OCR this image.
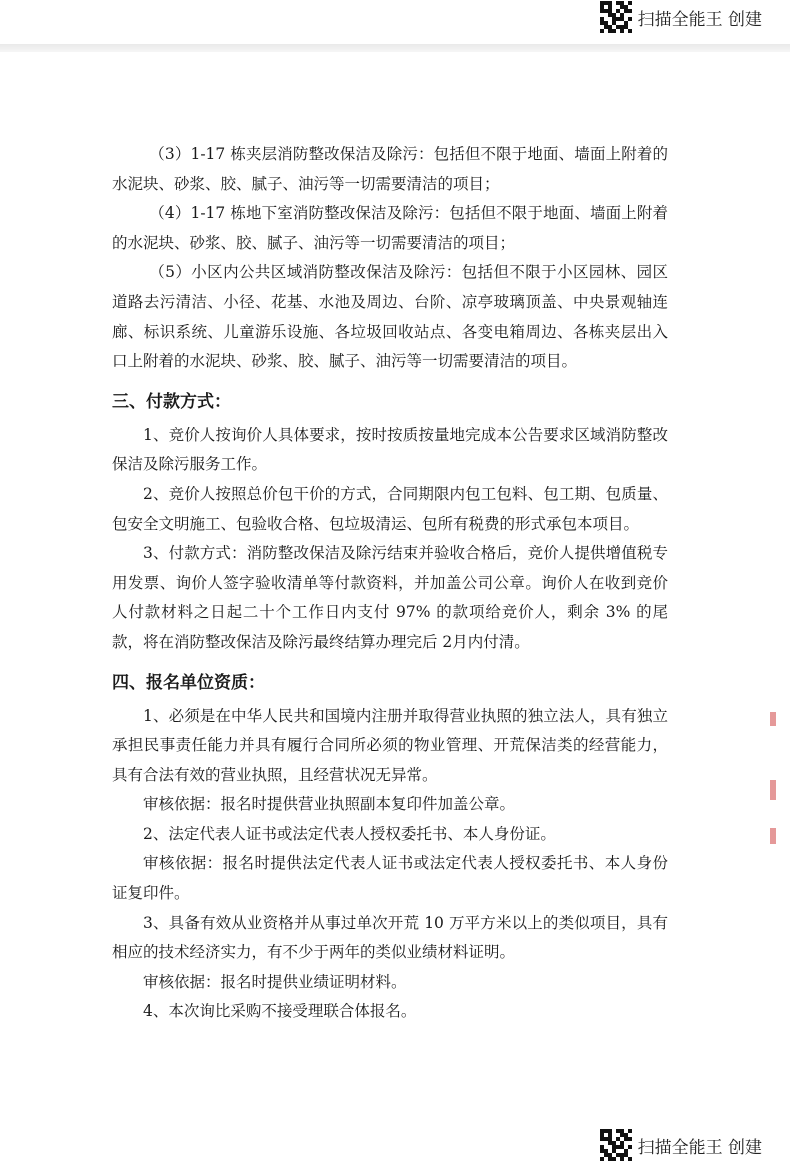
扫描全能王 创建

（3）1-17 栋夹层消防整改保洁及除污：包括但不限于地面、墙面上附着的水泥块、砂浆、胶、腻子、油污等一切需要清洁的项目；

（4）1-17 栋地下室消防整改保洁及除污：包括但不限于地面、墙面上附着的水泥块、砂浆、胶、腻子、油污等一切需要清洁的项目；

（5）小区内公共区域消防整改保洁及除污：包括但不限于小区园林、园区道路去污清洁、小径、花基、水池及周边、台阶、凉亭玻璃顶盖、中央景观轴连廊、标识系统、儿童游乐设施、各垃圾回收站点、各变电箱周边、各栋夹层出入口上附着的水泥块、砂浆、胶、腻子、油污等一切需要清洁的项目。

三、付款方式：

1、竞价人按询价人具体要求，按时按质按量地完成本公告要求区域消防整改保洁及除污服务工作。

2、竞价人按照总价包干价的方式，合同期限内包工包料、包工期、包质量、包安全文明施工、包验收合格、包垃圾清运、包所有税费的形式承包本项目。

3、付款方式：消防整改保洁及除污结束并验收合格后，竞价人提供增值税专用发票、询价人签字验收清单等付款资料，并加盖公司公章。询价人在收到竞价人付款材料之日起二十个工作日内支付 97% 的款项给竞价人，剩余 3% 的尾款，将在消防整改保洁及除污最终结算办理完后 2月内付清。

四、报名单位资质：

1、必须是在中华人民共和国境内注册并取得营业执照的独立法人，具有独立承担民事责任能力并具有履行合同所必须的物业管理、开荒保洁类的经营能力，具有合法有效的营业执照，且经营状况无异常。

审核依据：报名时提供营业执照副本复印件加盖公章。

2、法定代表人证书或法定代表人授权委托书、本人身份证。

审核依据：报名时提供法定代表人证书或法定代表人授权委托书、本人身份证复印件。

3、具备有效从业资格并从事过单次开荒 10 万平方米以上的类似项目，具有相应的技术经济实力，有不少于两年的类似业绩材料证明。

审核依据：报名时提供业绩证明材料。

4、本次询比采购不接受理联合体报名。

扫描全能王 创建
